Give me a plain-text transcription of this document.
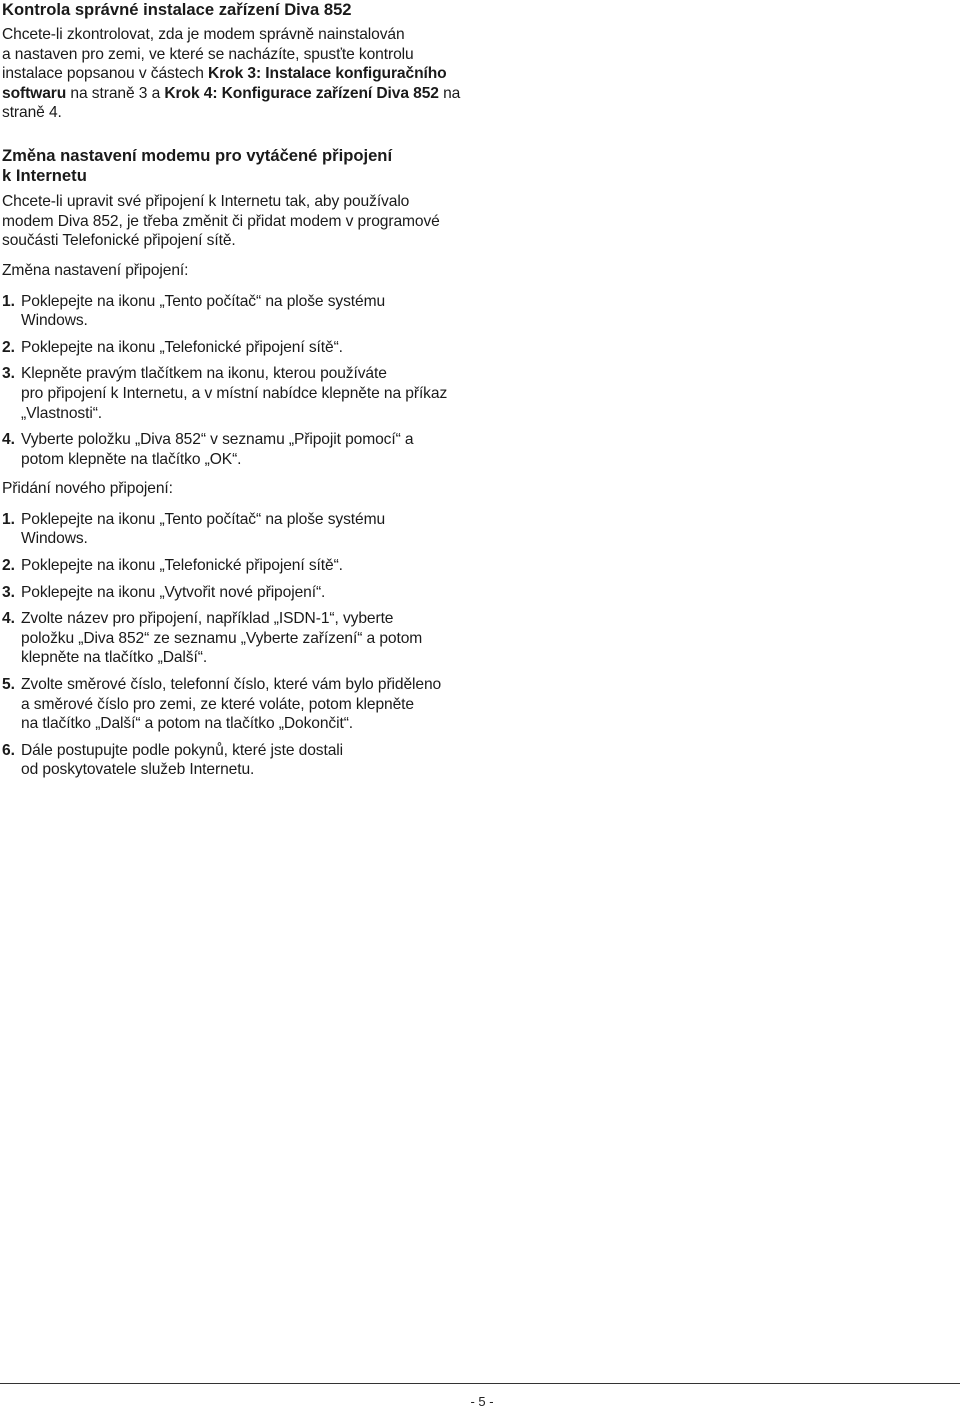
Kontrola správné instalace zařízení Diva 852
Chcete-li zkontrolovat, zda je modem správně nainstalován
a nastaven pro zemi, ve které se nacházíte, spusťte kontrolu
instalace popsanou v částech Krok 3: Instalace konfiguračního
softwaru na straně 3 a Krok 4: Konfigurace zařízení Diva 852 na
straně 4.
Změna nastavení modemu pro vytáčené připojení
k Internetu
Chcete-li upravit své připojení k Internetu tak, aby používalo
modem Diva 852, je třeba změnit či přidat modem v programové
součásti Telefonické připojení sítě.

Změna nastavení připojení:

1. Poklepejte na ikonu „Tento počítač“ na ploše systému
Windows.
2. Poklepejte na ikonu „Telefonické připojení sítě“.
3. Klepněte pravým tlačítkem na ikonu, kterou používáte
pro připojení k Internetu, a v místní nabídce klepněte na příkaz
„Vlastnosti“.
4. Vyberte položku „Diva 852“ v seznamu „Připojit pomocí“ a
potom klepněte na tlačítko „OK“.

Přidání nového připojení:

1. Poklepejte na ikonu „Tento počítač“ na ploše systému
Windows.
2. Poklepejte na ikonu „Telefonické připojení sítě“.
3. Poklepejte na ikonu „Vytvořit nové připojení“.
4. Zvolte název pro připojení, například „ISDN-1“, vyberte
položku „Diva 852“ ze seznamu „Vyberte zařízení“ a potom
klepněte na tlačítko „Další“.
5. Zvolte směrové číslo, telefonní číslo, které vám bylo přiděleno
a směrové číslo pro zemi, ze které voláte, potom klepněte
na tlačítko „Další“ a potom na tlačítko „Dokončit“.
6. Dále postupujte podle pokynů, které jste dostali
od poskytovatele služeb Internetu.
- 5 -
